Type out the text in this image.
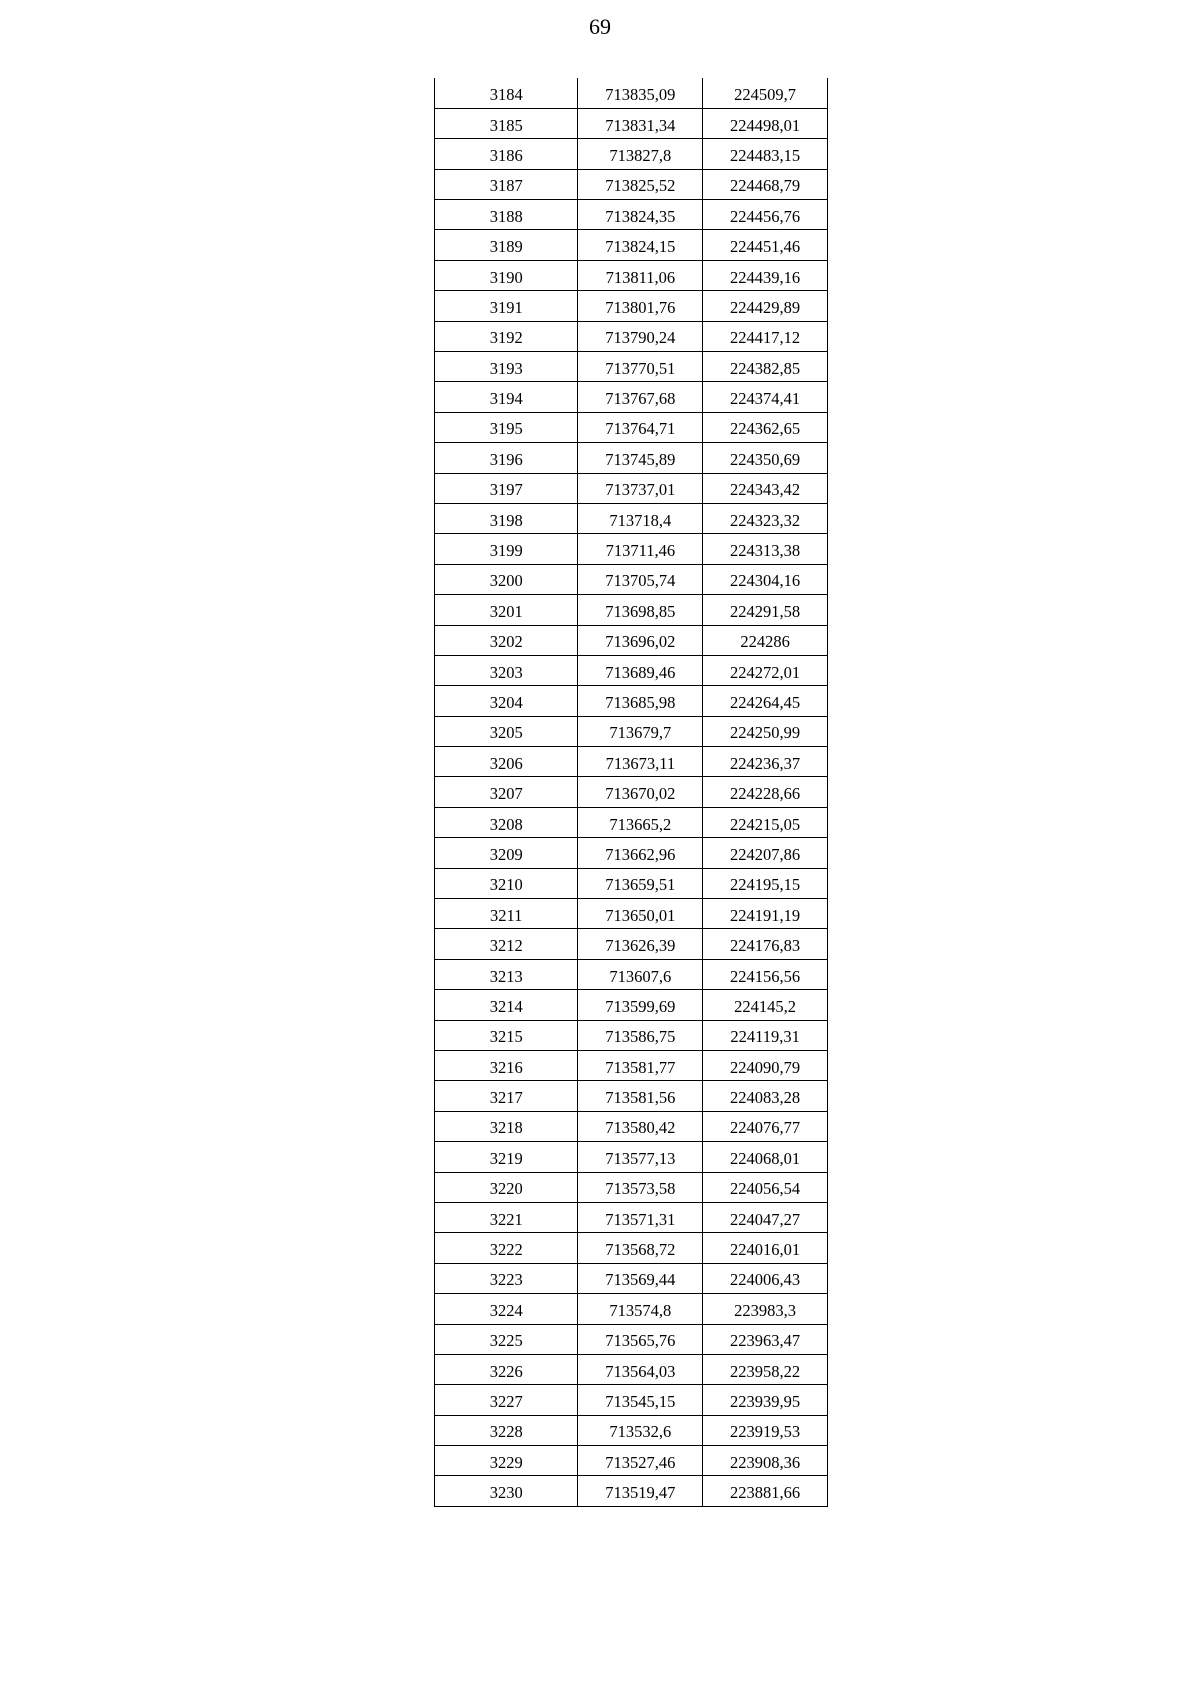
69
3184	713835,09	224509,7
3185	713831,34	224498,01
3186	713827,8	224483,15
3187	713825,52	224468,79
3188	713824,35	224456,76
3189	713824,15	224451,46
3190	713811,06	224439,16
3191	713801,76	224429,89
3192	713790,24	224417,12
3193	713770,51	224382,85
3194	713767,68	224374,41
3195	713764,71	224362,65
3196	713745,89	224350,69
3197	713737,01	224343,42
3198	713718,4	224323,32
3199	713711,46	224313,38
3200	713705,74	224304,16
3201	713698,85	224291,58
3202	713696,02	224286
3203	713689,46	224272,01
3204	713685,98	224264,45
3205	713679,7	224250,99
3206	713673,11	224236,37
3207	713670,02	224228,66
3208	713665,2	224215,05
3209	713662,96	224207,86
3210	713659,51	224195,15
3211	713650,01	224191,19
3212	713626,39	224176,83
3213	713607,6	224156,56
3214	713599,69	224145,2
3215	713586,75	224119,31
3216	713581,77	224090,79
3217	713581,56	224083,28
3218	713580,42	224076,77
3219	713577,13	224068,01
3220	713573,58	224056,54
3221	713571,31	224047,27
3222	713568,72	224016,01
3223	713569,44	224006,43
3224	713574,8	223983,3
3225	713565,76	223963,47
3226	713564,03	223958,22
3227	713545,15	223939,95
3228	713532,6	223919,53
3229	713527,46	223908,36
3230	713519,47	223881,66
